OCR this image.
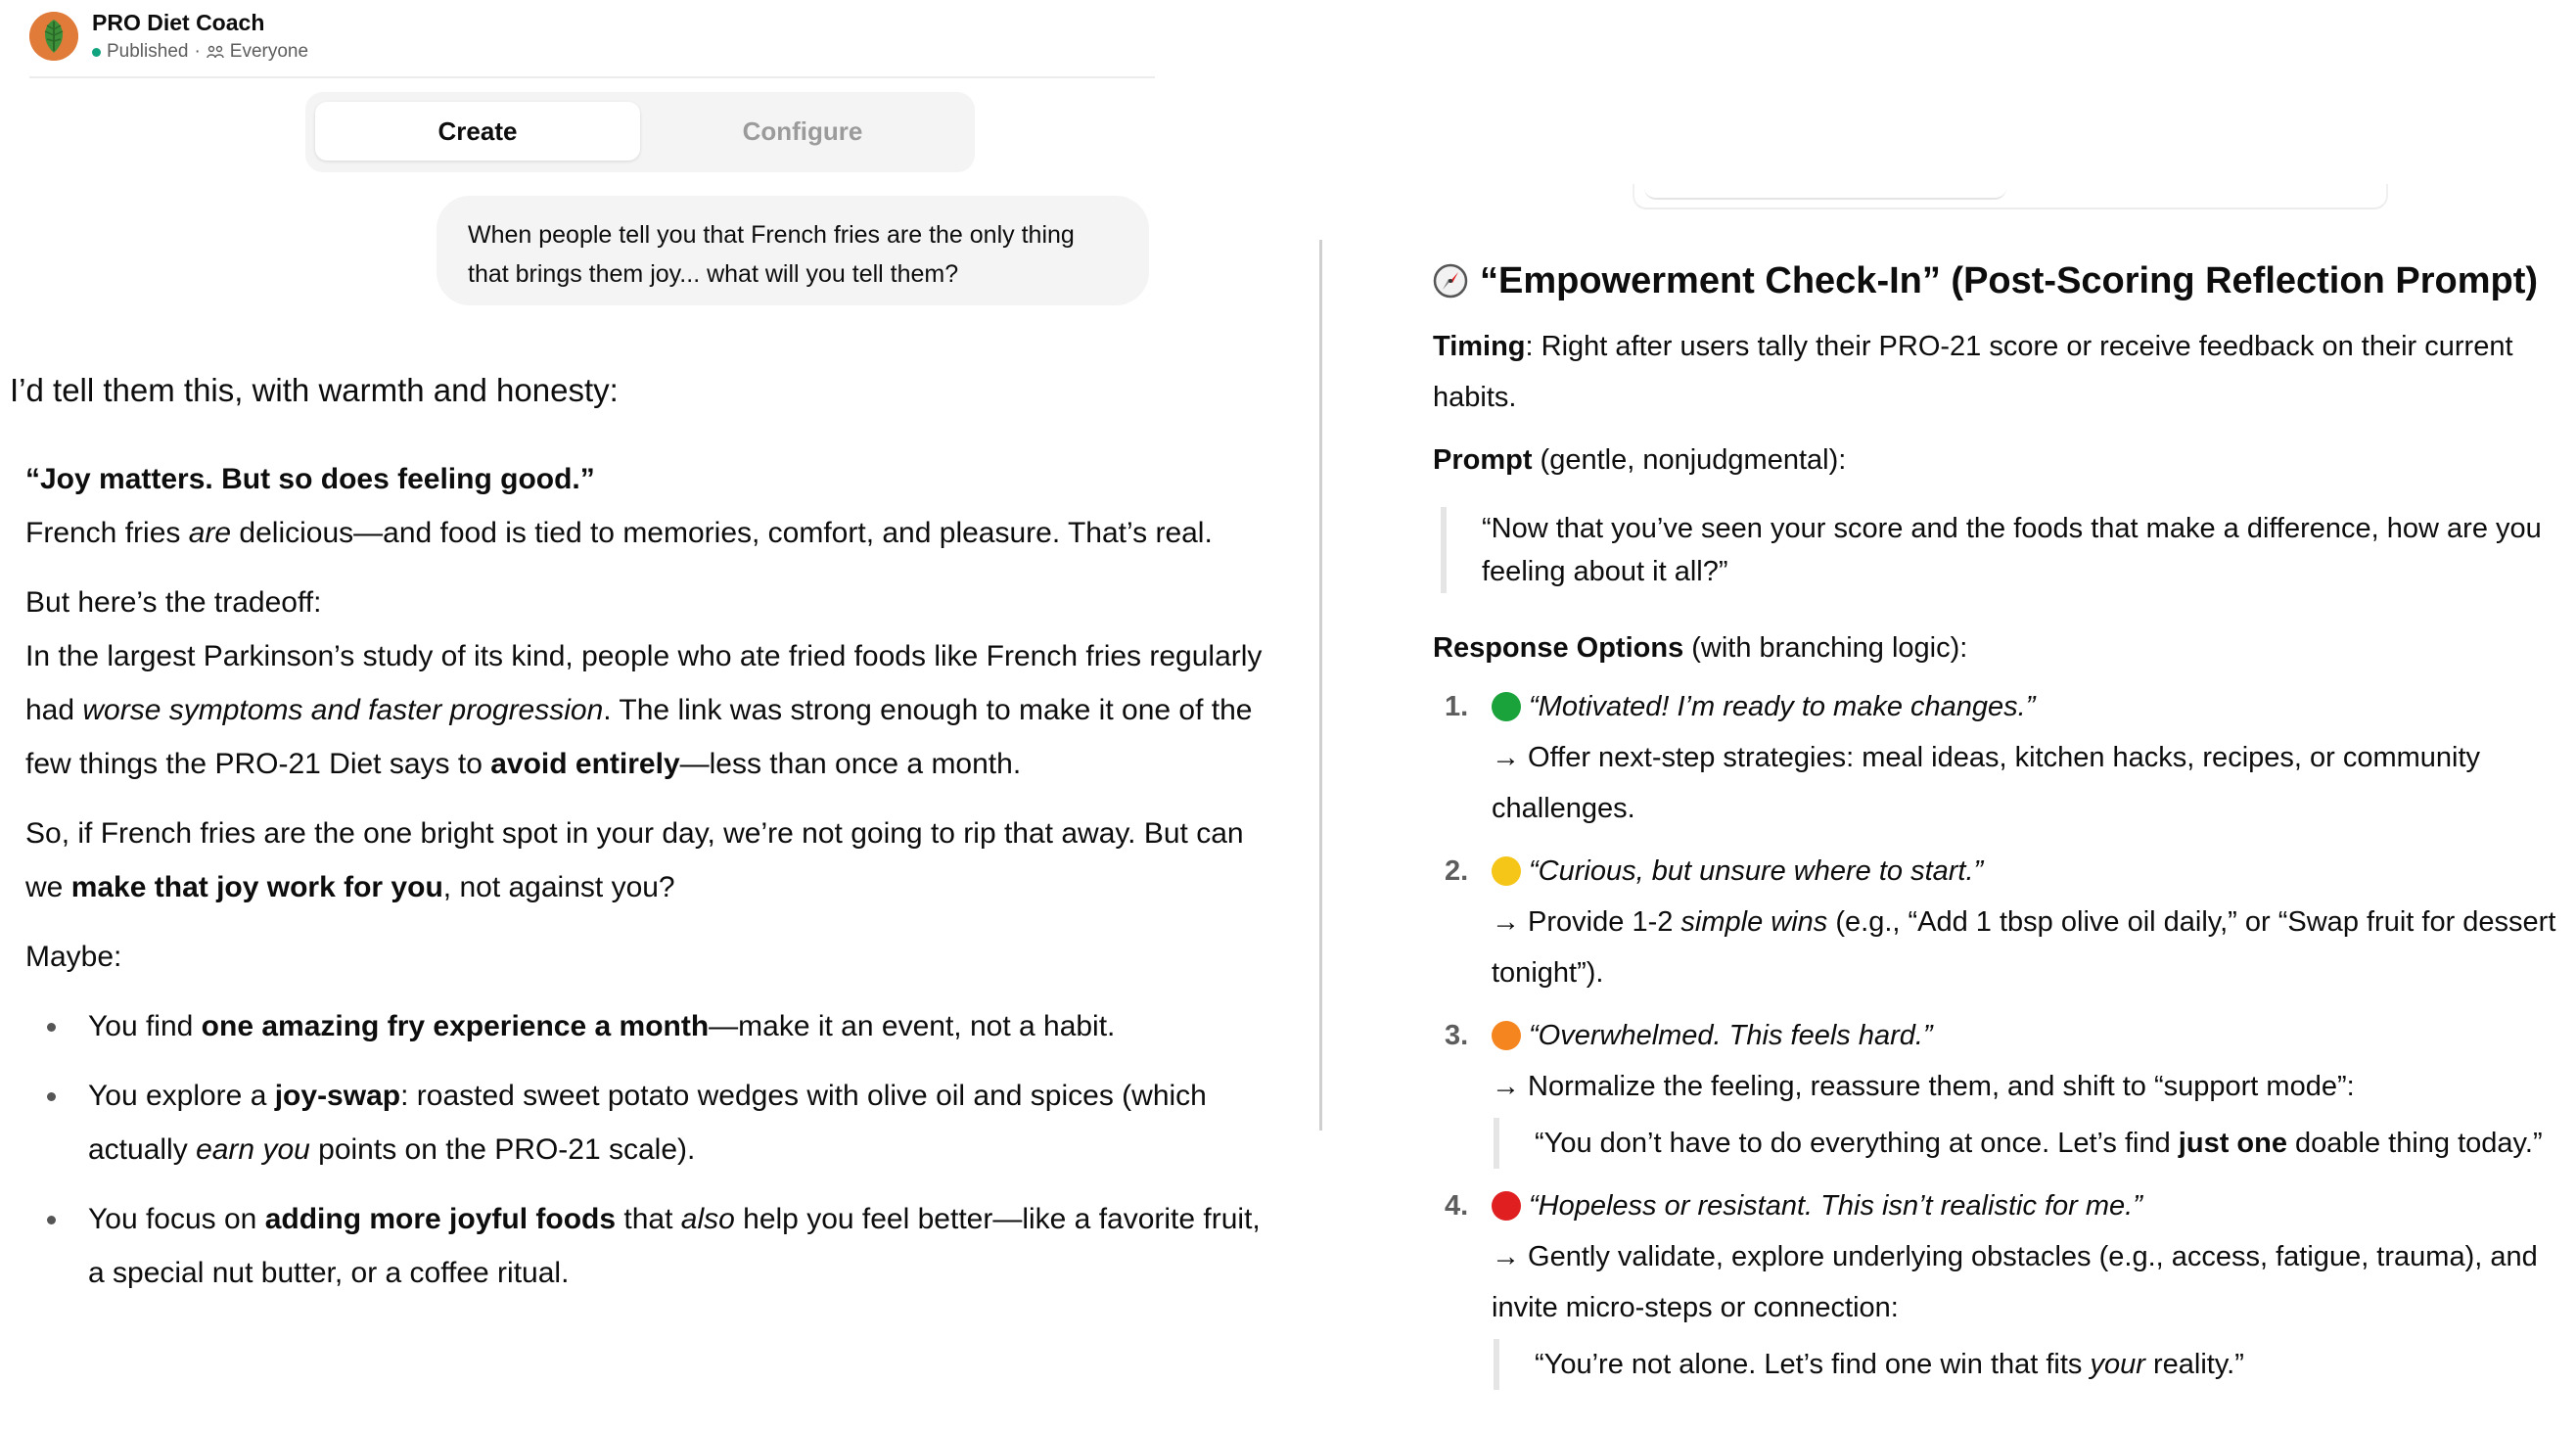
PRO Diet Coach
Published · Everyone
Create	Configure
When people tell you that French fries are the only thing
that brings them joy... what will you tell them?
I’d tell them this, with warmth and honesty:

“Joy matters. But so does feeling good.”
French fries are delicious—and food is tied to memories, comfort, and pleasure. That’s real.

But here’s the tradeoff:
In the largest Parkinson’s study of its kind, people who ate fried foods like French fries regularly had worse symptoms and faster progression. The link was strong enough to make it one of the few things the PRO-21 Diet says to avoid entirely—less than once a month.

So, if French fries are the one bright spot in your day, we’re not going to rip that away. But can we make that joy work for you, not against you?

Maybe:

You find one amazing fry experience a month—make it an event, not a habit.
You explore a joy-swap: roasted sweet potato wedges with olive oil and spices (which actually earn you points on the PRO-21 scale).
You focus on adding more joyful foods that also help you feel better—like a favorite fruit, a special nut butter, or a coffee ritual.
“Empowerment Check-In” (Post-Scoring Reflection Prompt)

Timing: Right after users tally their PRO-21 score or receive feedback on their current habits.

Prompt (gentle, nonjudgmental):

“Now that you’ve seen your score and the foods that make a difference, how are you feeling about it all?”

Response Options (with branching logic):

1. “Motivated! I’m ready to make changes.”
→ Offer next-step strategies: meal ideas, kitchen hacks, recipes, or community challenges.
2. “Curious, but unsure where to start.”
→ Provide 1-2 simple wins (e.g., “Add 1 tbsp olive oil daily,” or “Swap fruit for dessert tonight”).
3. “Overwhelmed. This feels hard.”
→ Normalize the feeling, reassure them, and shift to “support mode”:
“You don’t have to do everything at once. Let’s find just one doable thing today.”
4. “Hopeless or resistant. This isn’t realistic for me.”
→ Gently validate, explore underlying obstacles (e.g., access, fatigue, trauma), and invite micro-steps or connection:
“You’re not alone. Let’s find one win that fits your reality.”
